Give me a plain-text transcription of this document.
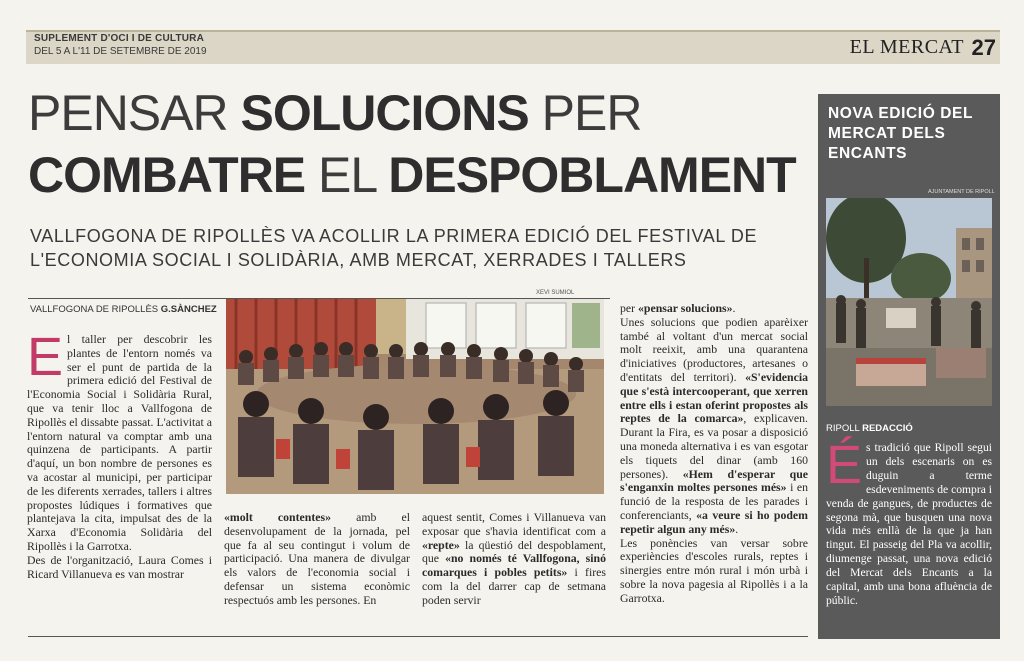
SUPLEMENT D'OCI I DE CULTURA
DEL 5 A L'11 DE SETEMBRE DE 2019	EL MERCAT 27
PENSAR SOLUCIONS PER
COMBATRE EL DESPOBLAMENT
VALLFOGONA DE RIPOLLÈS VA ACOLLIR LA PRIMERA EDICIÓ DEL FESTIVAL DE L'ECONOMIA SOCIAL I SOLIDÀRIA, AMB MERCAT, XERRADES I TALLERS
VALLFOGONA DE RIPOLLÈS G.SÀNCHEZ
XEVI SUMIOL

El taller per descobrir les plantes de l'entorn només va ser el punt de partida de la primera edició del Festival de l'Economia Social i Solidària Rural, que va tenir lloc a Vallfogona de Ripollès el dissabte passat. L'activitat a l'entorn natural va comptar amb una quinzena de participants. A partir d'aquí, un bon nombre de persones es va acostar al municipi, per participar de les diferents xerrades, tallers i altres propostes lúdiques i formatives que plantejava la cita, impulsat des de la Xarxa d'Economia Solidària del Ripollès i la Garrotxa.

Des de l'organització, Laura Comes i Ricard Villanueva es van mostrar

«molt contentes» amb el desenvolupament de la jornada, pel que fa al seu contingut i volum de participació. Una manera de divulgar els valors de l'economia social i defensar un sistema econòmic respectuós amb les persones. En

aquest sentit, Comes i Villanueva van exposar que s'havia identificat com a «repte» la qüestió del despoblament, que «no només té Vallfogona, sinó comarques i pobles petits» i fires com la del darrer cap de setmana poden servir

per «pensar solucions».

Unes solucions que podien aparèixer també al voltant d'un mercat social molt reeixit, amb una quarantena d'iniciatives (productores, artesanes o d'entitats del territori). «S'evidencia que s'està intercooperant, que xerren entre ells i estan oferint propostes als reptes de la comarca», explicaven. Durant la Fira, es va posar a disposició una moneda alternativa i es van esgotar els tiquets del dinar (amb 160 persones). «Hem d'esperar que s'enganxin moltes persones més» i en funció de la resposta de les parades i conferenciants, «a veure si ho podem repetir algun any més».

Les ponències van versar sobre experiències d'escoles rurals, reptes i sinergies entre món rural i món urbà i sobre la nova pagesia al Ripollès i a la Garrotxa.

NOVA EDICIÓ DEL MERCAT DELS ENCANTS
AJUNTAMENT DE RIPOLL
RIPOLL REDACCIÓ
És tradició que Ripoll segui un dels escenaris on es duguin a terme esdeveniments de compra i venda de gangues, de productes de segona mà, que busquen una nova vida més enllà de la que ja han tingut. El passeig del Pla va acollir, diumenge passat, una nova edició del Mercat dels Encants a la capital, amb una bona afluència de públic.
